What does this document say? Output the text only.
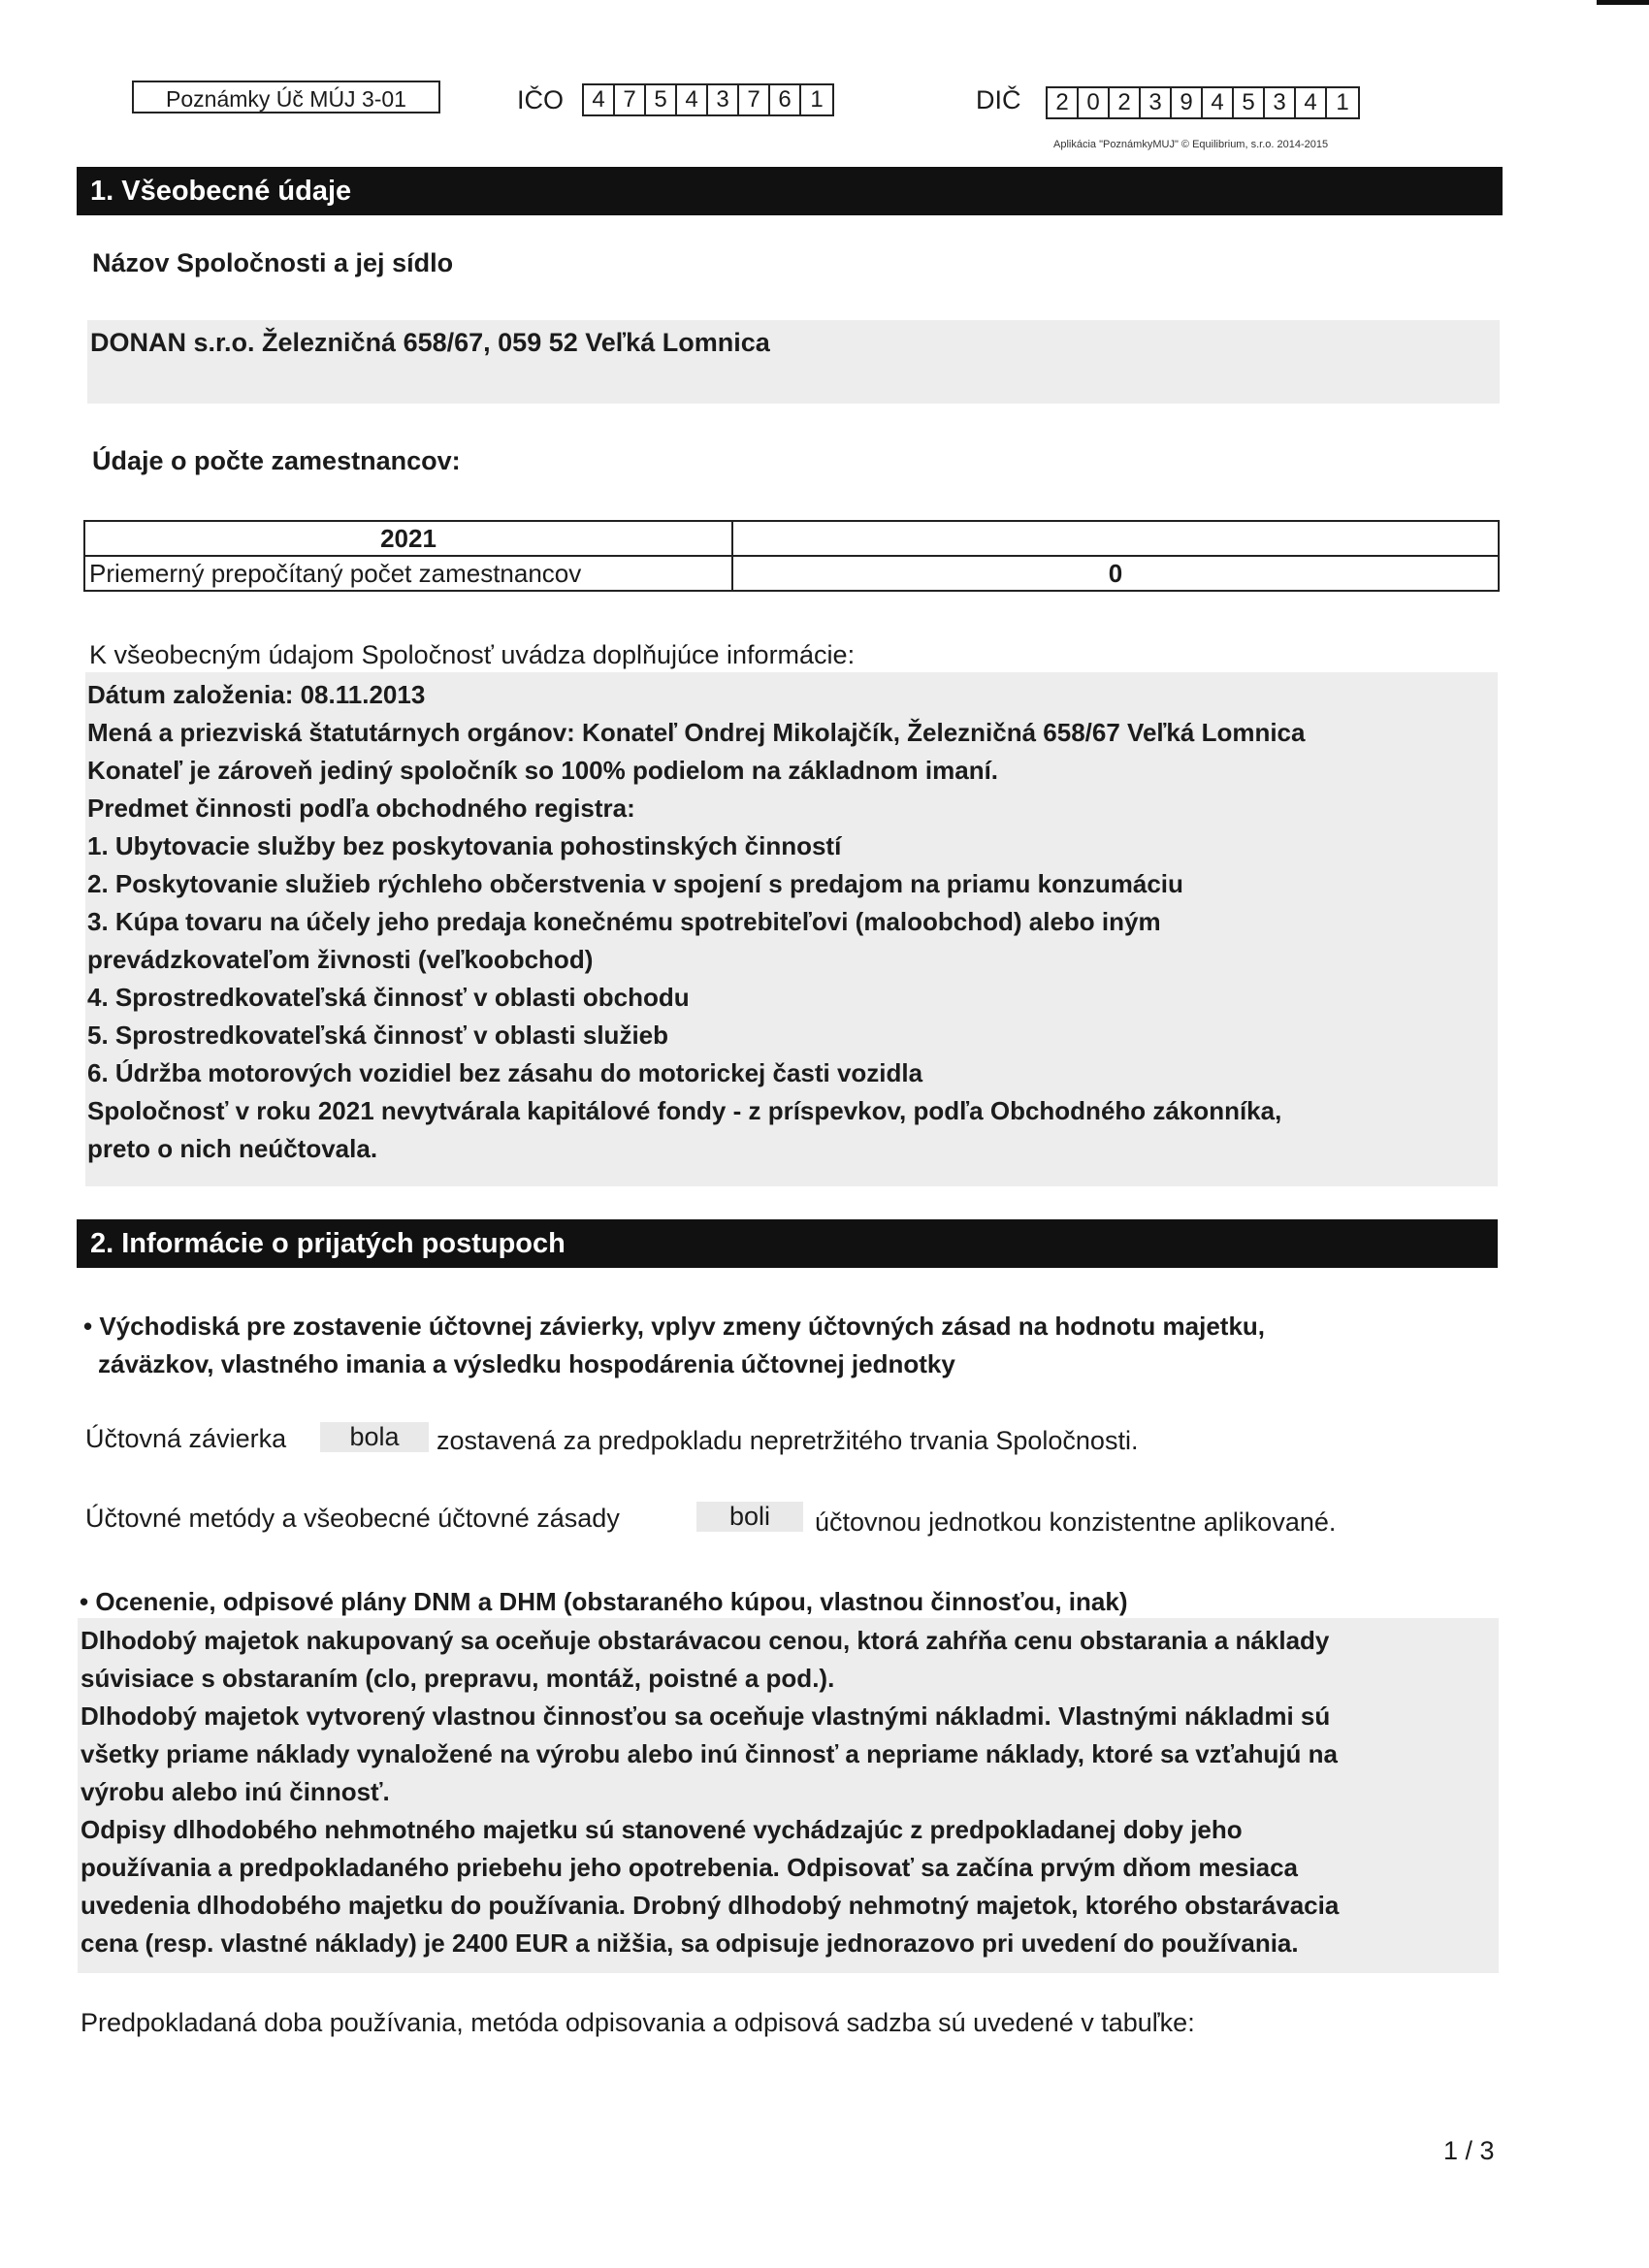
Poznámky Úč MÚJ 3-01	IČO	4 7 5 4 3 7 6 1	DIČ	2 0 2 3 9 4 5 3 4 1
Aplikácia "PoznámkyMUJ" © Equilibrium, s.r.o. 2014-2015
1. Všeobecné údaje
Názov Spoločnosti a jej sídlo
DONAN s.r.o. Železničná 658/67, 059 52 Veľká Lomnica
Údaje o počte zamestnancov:
2021	
Priemerný prepočítaný počet zamestnancov	0
K všeobecným údajom Spoločnosť uvádza doplňujúce informácie:
Dátum založenia: 08.11.2013
Mená a priezviská štatutárnych orgánov: Konateľ Ondrej Mikolajčík, Železničná 658/67 Veľká Lomnica
Konateľ je zároveň jediný spoločník so 100% podielom na základnom imaní.
Predmet činnosti podľa obchodného registra:
1. Ubytovacie služby bez poskytovania pohostinských činností
2. Poskytovanie služieb rýchleho občerstvenia v spojení s predajom na priamu konzumáciu
3. Kúpa tovaru na účely jeho predaja konečnému spotrebiteľovi (maloobchod) alebo iným
prevádzkovateľom živnosti (veľkoobchod)
4. Sprostredkovateľská činnosť v oblasti obchodu
5. Sprostredkovateľská činnosť v oblasti služieb
6. Údržba motorových vozidiel bez zásahu do motorickej časti vozidla
Spoločnosť v roku 2021 nevytvárala kapitálové fondy - z príspevkov, podľa Obchodného zákonníka,
preto o nich neúčtovala.
2. Informácie o prijatých postupoch
• Východiská pre zostavenie účtovnej závierky, vplyv zmeny účtovných zásad na hodnotu majetku,
záväzkov, vlastného imania a výsledku hospodárenia účtovnej jednotky
Účtovná závierka	bola	zostavená za predpokladu nepretržitého trvania Spoločnosti.
Účtovné metódy a všeobecné účtovné zásady	boli	účtovnou jednotkou konzistentne aplikované.
• Ocenenie, odpisové plány DNM a DHM (obstaraného kúpou, vlastnou činnosťou, inak)
Dlhodobý majetok nakupovaný sa oceňuje obstarávacou cenou, ktorá zahŕňa cenu obstarania a náklady
súvisiace s obstaraním (clo, prepravu, montáž, poistné a pod.).
Dlhodobý majetok vytvorený vlastnou činnosťou sa oceňuje vlastnými nákladmi. Vlastnými nákladmi sú
všetky priame náklady vynaložené na výrobu alebo inú činnosť a nepriame náklady, ktoré sa vzťahujú na
výrobu alebo inú činnosť.
Odpisy dlhodobého nehmotného majetku sú stanovené vychádzajúc z predpokladanej doby jeho
používania a predpokladaného priebehu jeho opotrebenia. Odpisovať sa začína prvým dňom mesiaca
uvedenia dlhodobého majetku do používania. Drobný dlhodobý nehmotný majetok, ktorého obstarávacia
cena (resp. vlastné náklady) je 2400 EUR a nižšia, sa odpisuje jednorazovo pri uvedení do používania.
Predpokladaná doba používania, metóda odpisovania a odpisová sadzba sú uvedené v tabuľke:
1 / 3
